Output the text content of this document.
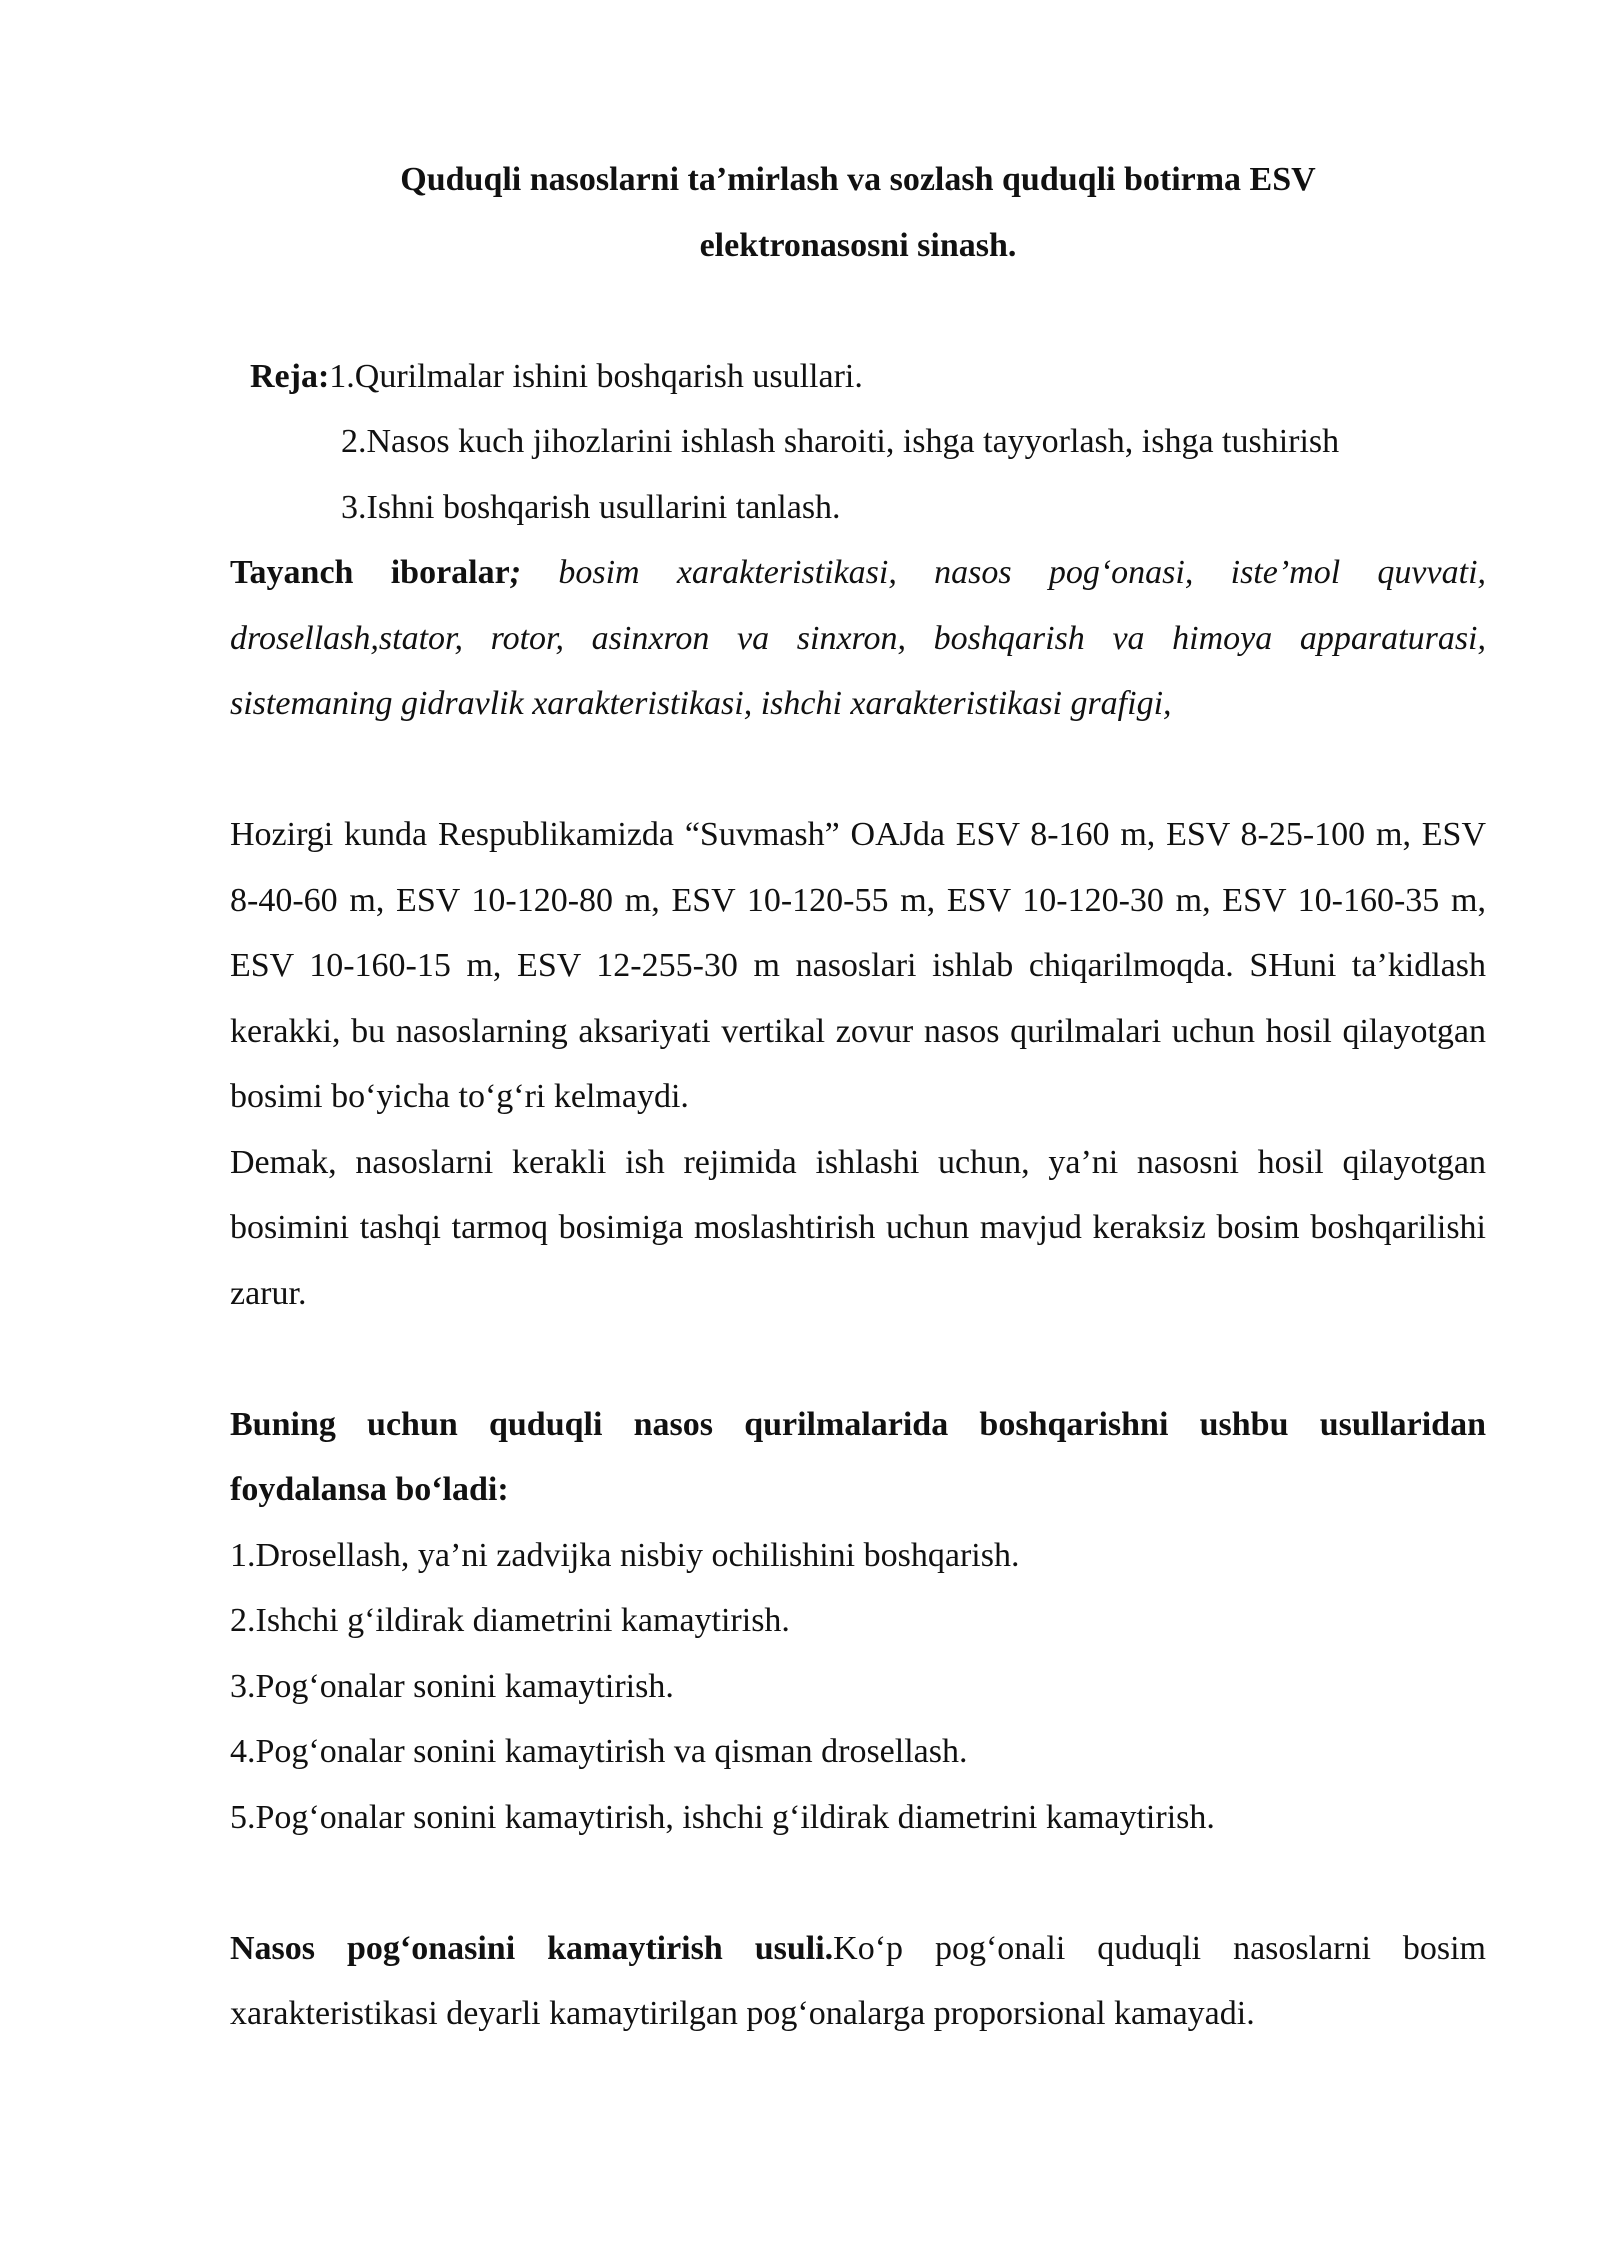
Quduqli nasoslarni ta’mirlash va sozlash quduqli botirma ESV

elektronasosni sinash.

Reja:1.Qurilmalar ishini boshqarish usullari.

2.Nasos kuch jihozlarini ishlash sharoiti, ishga tayyorlash, ishga tushirish

3.Ishni boshqarish usullarini tanlash.

Tayanch iboralar; bosim xarakteristikasi, nasos pog‘onasi, iste’mol quvvati, drosellash,stator, rotor, asinxron va sinxron, boshqarish va himoya apparaturasi, sistemaning gidravlik xarakteristikasi, ishchi xarakteristikasi grafigi,

Hozirgi kunda Respublikamizda “Suvmash” OAJda ESV 8-160 m, ESV 8-25-100 m, ESV 8-40-60 m, ESV 10-120-80 m, ESV 10-120-55 m, ESV 10-120-30 m, ESV 10-160-35 m, ESV 10-160-15 m, ESV 12-255-30 m nasoslari ishlab chiqarilmoqda. SHuni ta’kidlash kerakki, bu nasoslarning aksariyati vertikal zovur nasos qurilmalari uchun hosil qilayotgan bosimi bo‘yicha to‘g‘ri kelmaydi.

Demak, nasoslarni kerakli ish rejimida ishlashi uchun, ya’ni nasosni hosil qilayotgan bosimini tashqi tarmoq bosimiga moslashtirish uchun mavjud keraksiz bosim boshqarilishi zarur.

Buning uchun quduqli nasos qurilmalarida boshqarishni ushbu usullaridan foydalansa bo‘ladi:

1.Drosellash, ya’ni zadvijka nisbiy ochilishini boshqarish.

2.Ishchi g‘ildirak diametrini kamaytirish.

3.Pog‘onalar sonini kamaytirish.

4.Pog‘onalar sonini kamaytirish va qisman drosellash.

5.Pog‘onalar sonini kamaytirish, ishchi g‘ildirak diametrini kamaytirish.

Nasos pog‘onasini kamaytirish usuli.Ko‘p pog‘onali quduqli nasoslarni bosim xarakteristikasi deyarli kamaytirilgan pog‘onalarga proporsional kamayadi.
